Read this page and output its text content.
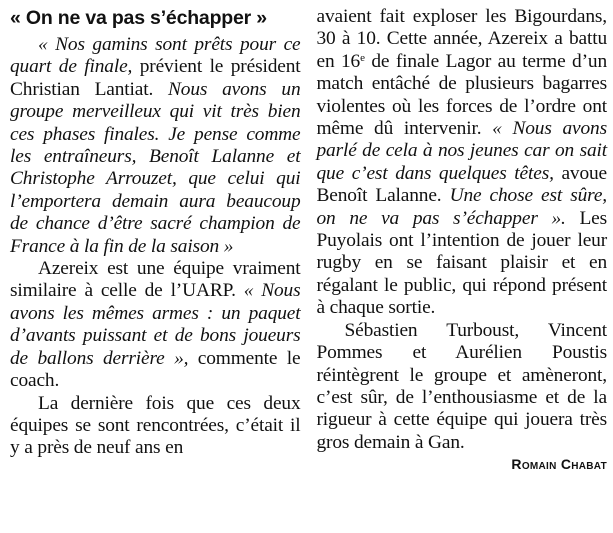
« On ne va pas s’échapper »

« Nos gamins sont prêts pour ce quart de finale, prévient le président Christian Lantiat. Nous avons un groupe merveilleux qui vit très bien ces phases finales. Je pense comme les entraîneurs, Benoît Lalanne et Christophe Arrouzet, que celui qui l’emportera demain aura beaucoup de chance d’être sacré champion de France à la fin de la saison »

Azereix est une équipe vraiment similaire à celle de l’UARP. « Nous avons les mêmes armes : un paquet d’avants puissant et de bons joueurs de ballons derrière », commente le coach.

La dernière fois que ces deux équipes se sont rencontrées, c’était il y a près de neuf ans en

avaient fait exploser les Bigourdans, 30 à 10. Cette année, Azereix a battu en 16e de finale Lagor au terme d’un match entâché de plusieurs bagarres violentes où les forces de l’ordre ont même dû intervenir. « Nous avons parlé de cela à nos jeunes car on sait que c’est dans quelques têtes, avoue Benoît Lalanne. Une chose est sûre, on ne va pas s’échapper ». Les Puyolais ont l’intention de jouer leur rugby en se faisant plaisir et en régalant le public, qui répond présent à chaque sortie.

Sébastien Turboust, Vincent Pommes et Aurélien Poustis réintègrent le groupe et amèneront, c’est sûr, de l’enthousiasme et de la rigueur à cette équipe qui jouera très gros demain à Gan.

Romain Chabat
